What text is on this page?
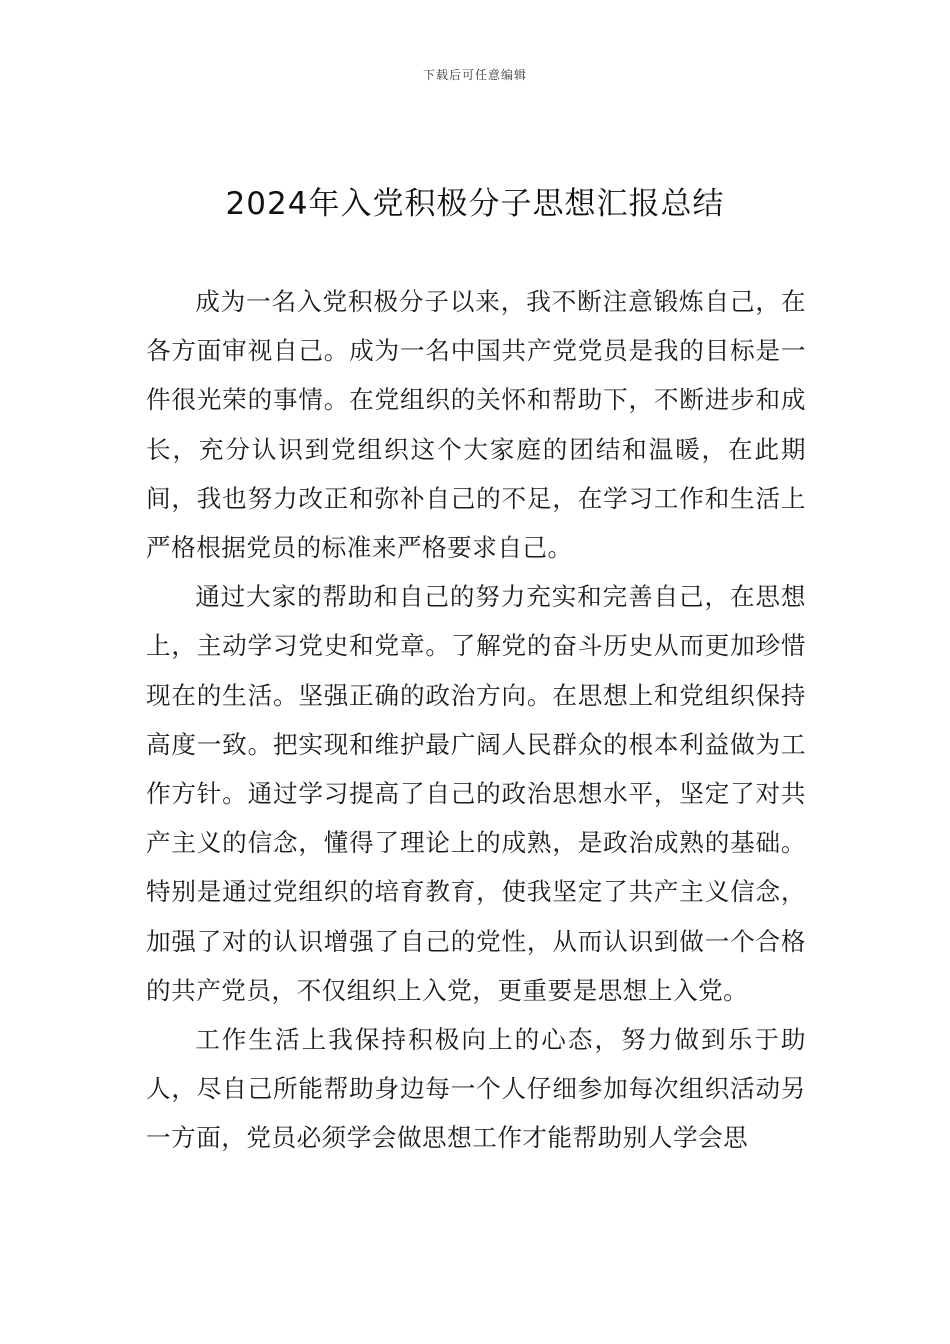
下载后可任意编辑
2024年入党积极分子思想汇报总结

成为一名入党积极分子以来，我不断注意锻炼自己，在各方面审视自己。成为一名中国共产党党员是我的目标是一件很光荣的事情。在党组织的关怀和帮助下，不断进步和成长，充分认识到党组织这个大家庭的团结和温暖，在此期间，我也努力改正和弥补自己的不足，在学习工作和生活上严格根据党员的标准来严格要求自己。

通过大家的帮助和自己的努力充实和完善自己，在思想上，主动学习党史和党章。了解党的奋斗历史从而更加珍惜现在的生活。坚强正确的政治方向。在思想上和党组织保持高度一致。把实现和维护最广阔人民群众的根本利益做为工作方针。通过学习提高了自己的政治思想水平，坚定了对共产主义的信念，懂得了理论上的成熟，是政治成熟的基础。特别是通过党组织的培育教育，使我坚定了共产主义信念，加强了对的认识增强了自己的党性，从而认识到做一个合格的共产党员，不仅组织上入党，更重要是思想上入党。

工作生活上我保持积极向上的心态，努力做到乐于助人，尽自己所能帮助身边每一个人仔细参加每次组织活动另一方面，党员必须学会做思想工作才能帮助别人学会思
